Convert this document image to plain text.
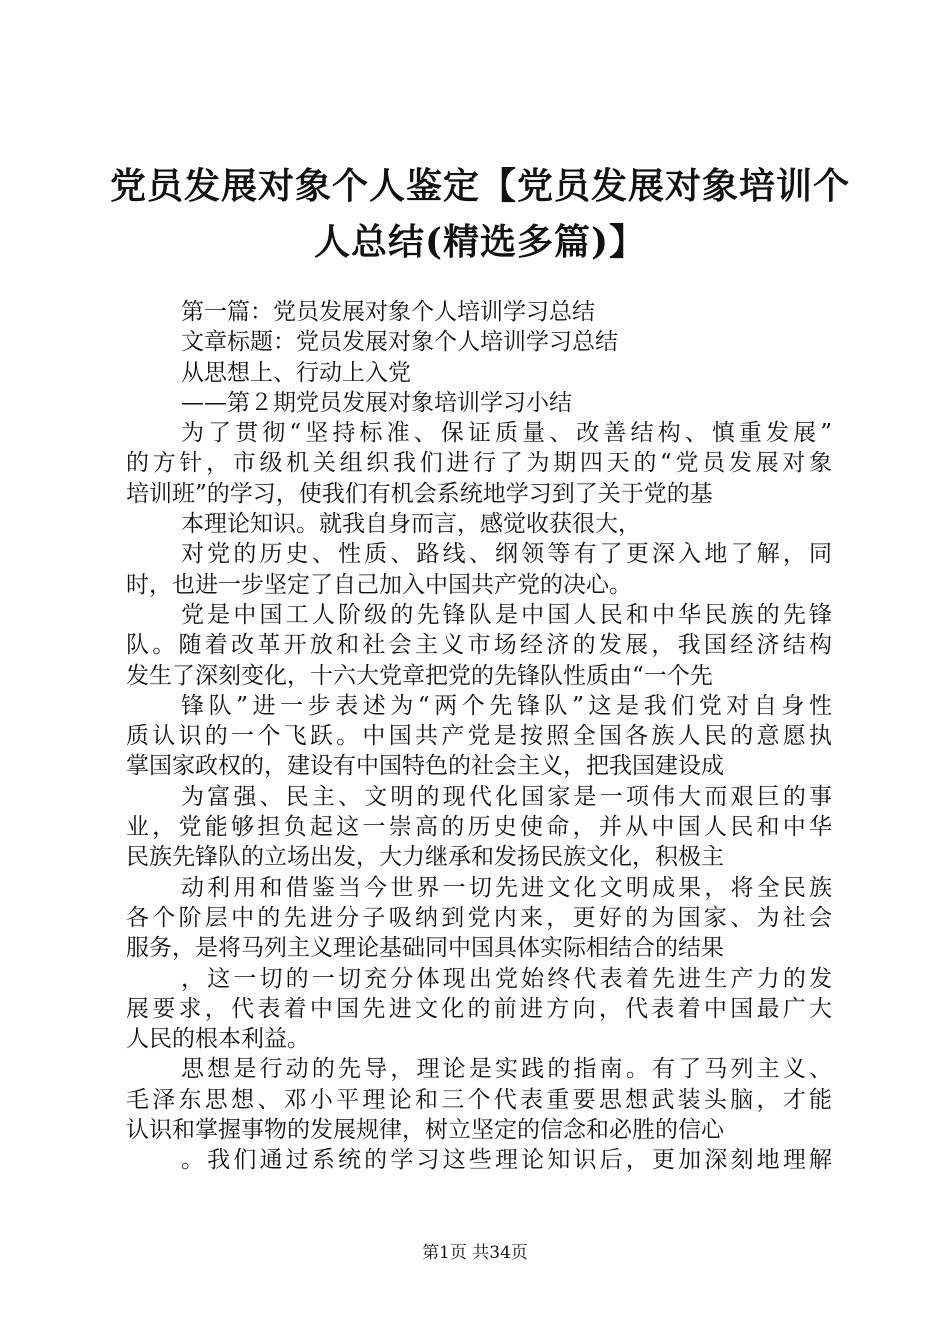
党员发展对象个人鉴定【党员发展对象培训个
人总结(精选多篇)】
第一篇：党员发展对象个人培训学习总结
文章标题：党员发展对象个人培训学习总结
从思想上、行动上入党
——第２期党员发展对象培训学习小结
为了贯彻“坚持标准、保证质量、改善结构、慎重发展”
的方针，市级机关组织我们进行了为期四天的“党员发展对象
培训班”的学习，使我们有机会系统地学习到了关于党的基
本理论知识。就我自身而言，感觉收获很大，
对党的历史、性质、路线、纲领等有了更深入地了解，同
时，也进一步坚定了自己加入中国共产党的决心。
党是中国工人阶级的先锋队是中国人民和中华民族的先锋
队。随着改革开放和社会主义市场经济的发展，我国经济结构
发生了深刻变化，十六大党章把党的先锋队性质由“一个先
锋队”进一步表述为“两个先锋队”这是我们党对自身性
质认识的一个飞跃。中国共产党是按照全国各族人民的意愿执
掌国家政权的，建设有中国特色的社会主义，把我国建设成
为富强、民主、文明的现代化国家是一项伟大而艰巨的事
业，党能够担负起这一崇高的历史使命，并从中国人民和中华
民族先锋队的立场出发，大力继承和发扬民族文化，积极主
动利用和借鉴当今世界一切先进文化文明成果，将全民族
各个阶层中的先进分子吸纳到党内来，更好的为国家、为社会
服务，是将马列主义理论基础同中国具体实际相结合的结果
，这一切的一切充分体现出党始终代表着先进生产力的发
展要求，代表着中国先进文化的前进方向，代表着中国最广大
人民的根本利益。
思想是行动的先导，理论是实践的指南。有了马列主义、
毛泽东思想、邓小平理论和三个代表重要思想武装头脑，才能
认识和掌握事物的发展规律，树立坚定的信念和必胜的信心
。我们通过系统的学习这些理论知识后，更加深刻地理解
第1页 共34页
